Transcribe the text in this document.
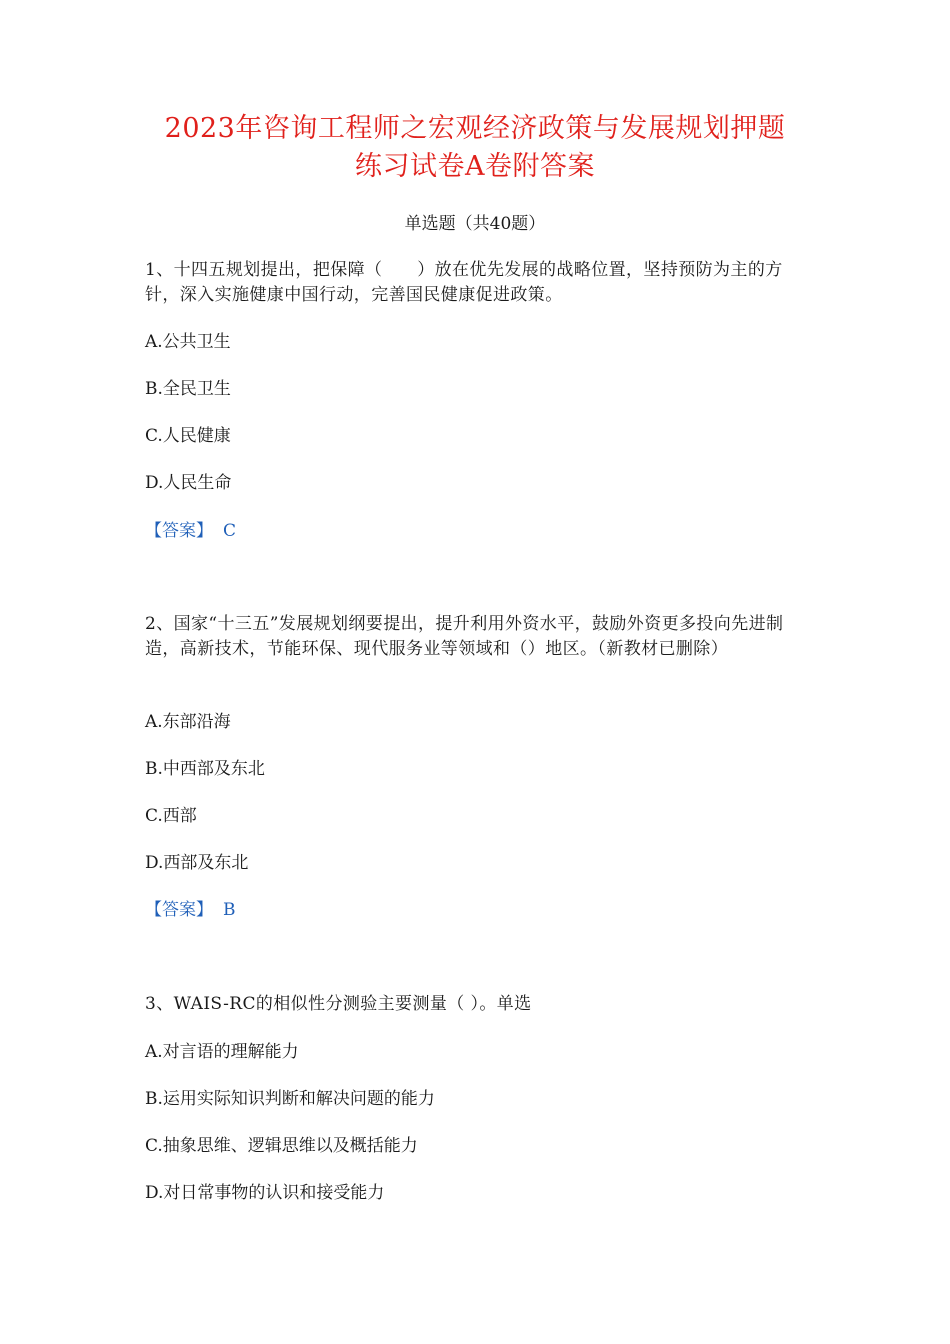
2023年咨询工程师之宏观经济政策与发展规划押题
练习试卷A卷附答案
单选题（共40题）
1、十四五规划提出，把保障（　　）放在优先发展的战略位置，坚持预防为主的方针，深入实施健康中国行动，完善国民健康促进政策。
A.公共卫生
B.全民卫生
C.人民健康
D.人民生命
【答案】 C
2、国家“十三五”发展规划纲要提出，提升利用外资水平，鼓励外资更多投向先进制造，高新技术，节能环保、现代服务业等领域和（）地区。（新教材已删除）
A.东部沿海
B.中西部及东北
C.西部
D.西部及东北
【答案】 B
3、WAIS-RC的相似性分测验主要测量（ ）。单选
A.对言语的理解能力
B.运用实际知识判断和解决问题的能力
C.抽象思维、逻辑思维以及概括能力
D.对日常事物的认识和接受能力
